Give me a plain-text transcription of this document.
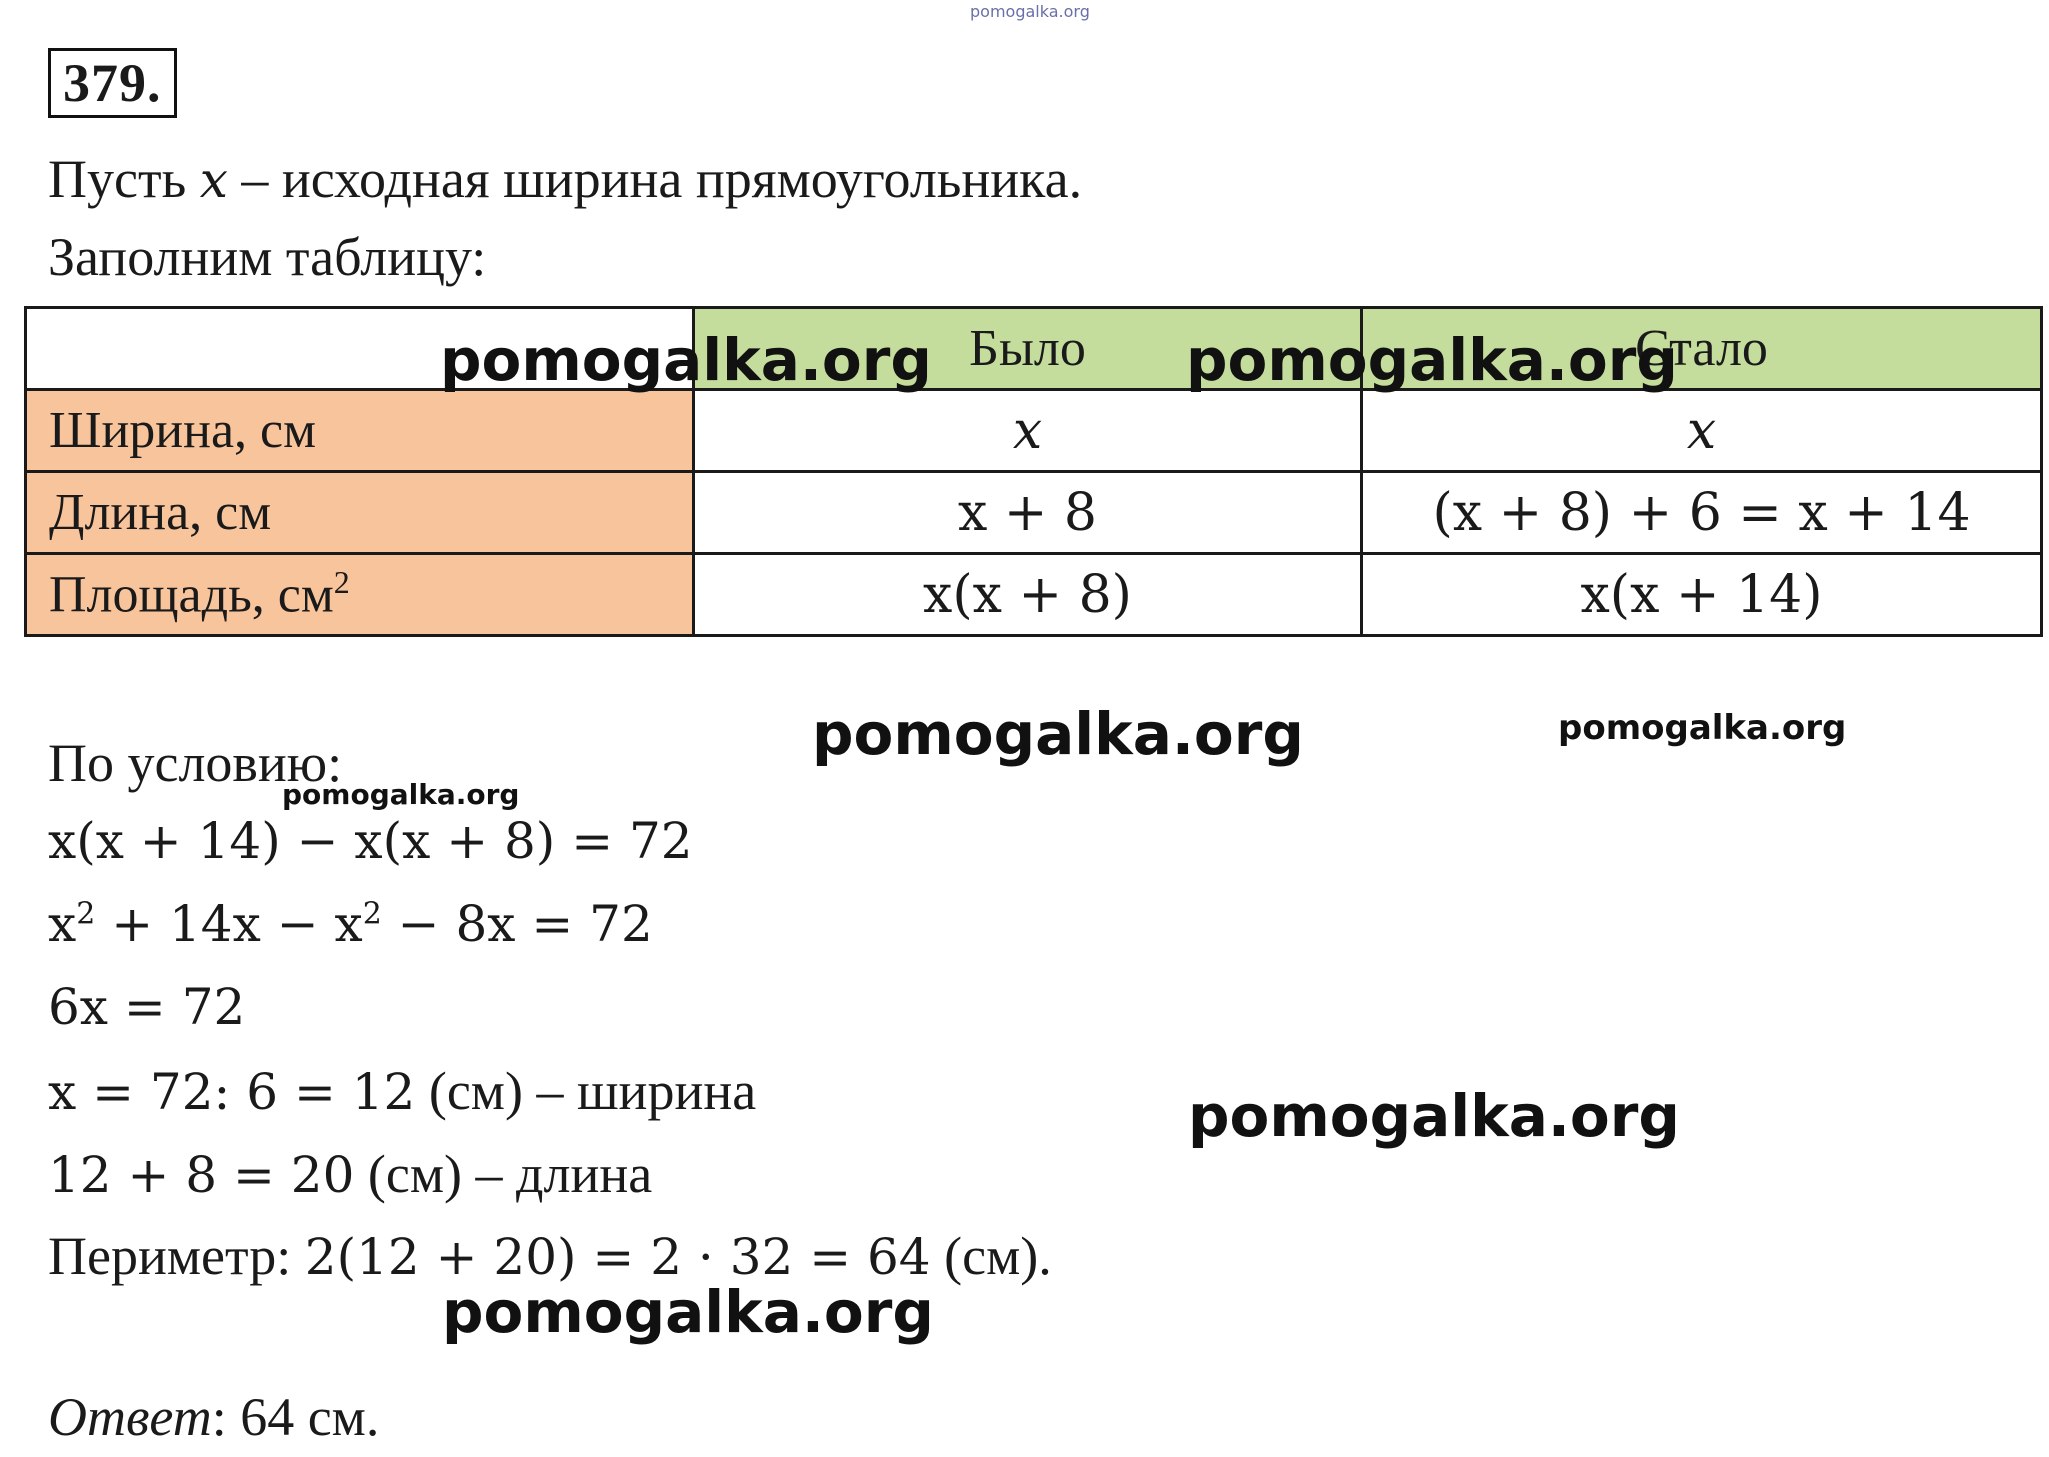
pomogalka.org
379.
Пусть x – исходная ширина прямоугольника.
Заполним таблицу:
	Было	Стало
Ширина, см	x	x
Длина, см	x + 8	(x + 8) + 6 = x + 14
Площадь, $см^2$	x(x + 8)	x(x + 14)
По условию:
x(x + 14) − x(x + 8) = 72
$x^2 + 14x - x^2 - 8x = 72$
6x = 72
x = 72: 6 = 12 (см) – ширина
12 + 8 = 20 (см) – длина
Периметр: 2(12 + 20) = 2 · 32 = 64 (см).
Ответ: 64 см.
pomogalka.org	pomogalka.org
pomogalka.org	pomogalka.org
pomogalka.org
pomogalka.org
pomogalka.org
